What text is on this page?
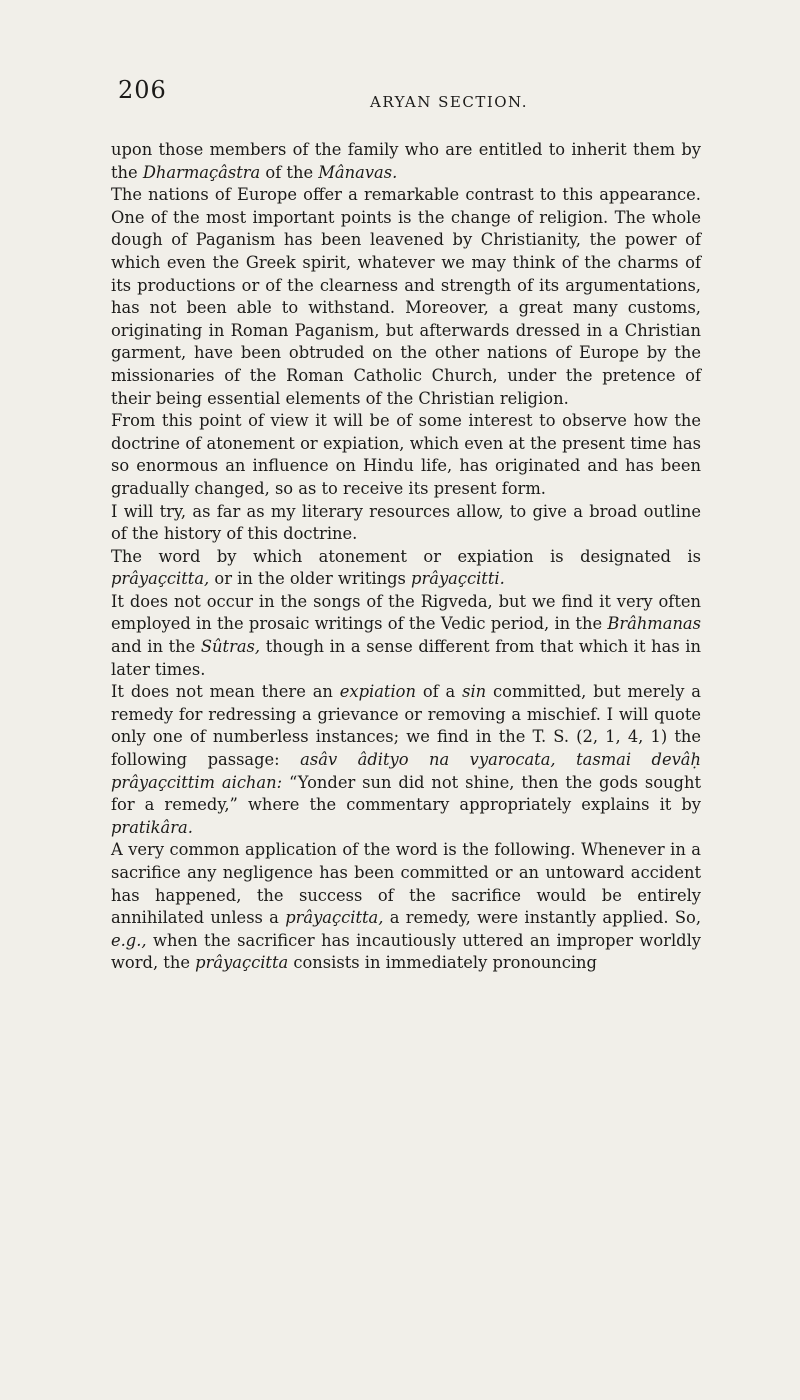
206	ARYAN SECTION.

upon those members of the family who are entitled to inherit them by the Dharmaçâstra of the Mânavas.

The nations of Europe offer a remarkable contrast to this appearance. One of the most important points is the change of religion. The whole dough of Paganism has been leavened by Christianity, the power of which even the Greek spirit, whatever we may think of the charms of its productions or of the clearness and strength of its argumentations, has not been able to withstand. Moreover, a great many customs, originating in Roman Paganism, but afterwards dressed in a Christian garment, have been obtruded on the other nations of Europe by the missionaries of the Roman Catholic Church, under the pretence of their being essential elements of the Christian religion.

From this point of view it will be of some interest to observe how the doctrine of atonement or expiation, which even at the present time has so enormous an influence on Hindu life, has originated and has been gradually changed, so as to receive its present form.

I will try, as far as my literary resources allow, to give a broad outline of the history of this doctrine.

The word by which atonement or expiation is designated is prâyaçcitta, or in the older writings prâyaçcitti.

It does not occur in the songs of the Rigveda, but we find it very often employed in the prosaic writings of the Vedic period, in the Brâhmanas and in the Sûtras, though in a sense different from that which it has in later times.

It does not mean there an expiation of a sin committed, but merely a remedy for redressing a grievance or removing a mischief. I will quote only one of numberless instances; we find in the T. S. (2, 1, 4, 1) the following passage: asâv âdityo na vyarocata, tasmai devâḥ prâyaçcittim aichan: “Yonder sun did not shine, then the gods sought for a remedy,” where the commentary appropriately explains it by pratikâra.

A very common application of the word is the following. Whenever in a sacrifice any negligence has been committed or an untoward accident has happened, the success of the sacrifice would be entirely annihilated unless a prâyaçcitta, a remedy, were instantly applied. So, e.g., when the sacrificer has incautiously uttered an improper worldly word, the prâyaçcitta consists in immediately pronouncing
